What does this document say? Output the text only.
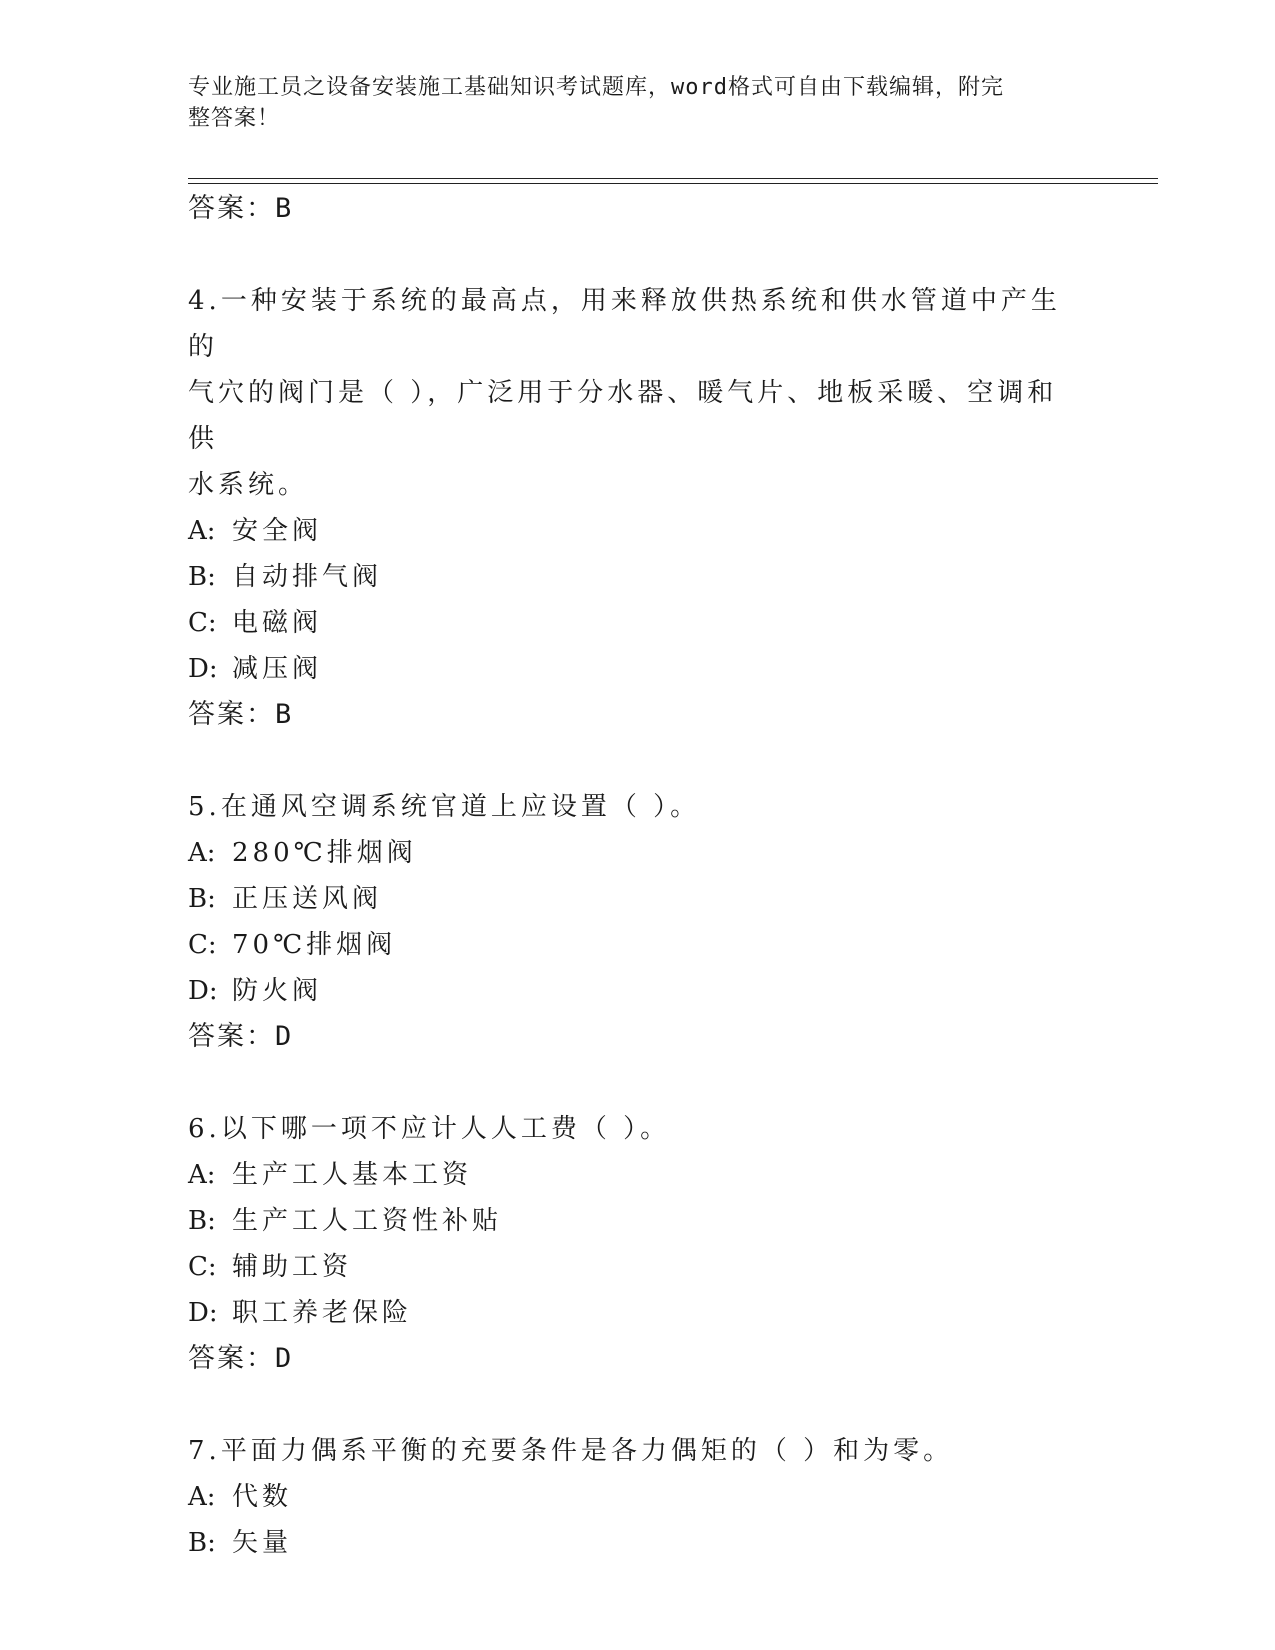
专业施工员之设备安装施工基础知识考试题库，word格式可自由下载编辑，附完
整答案！
答案：B
4.一种安装于系统的最高点，用来释放供热系统和供水管道中产生的
气穴的阀门是（ ），广泛用于分水器、暖气片、地板采暖、空调和供
水系统。
A: 安全阀
B: 自动排气阀
C: 电磁阀
D: 减压阀
答案：B
5.在通风空调系统官道上应设置（ ）。
A: 280℃排烟阀
B: 正压送风阀
C: 70℃排烟阀
D: 防火阀
答案：D
6.以下哪一项不应计人人工费（ ）。
A: 生产工人基本工资
B: 生产工人工资性补贴
C: 辅助工资
D: 职工养老保险
答案：D
7.平面力偶系平衡的充要条件是各力偶矩的（ ）和为零。
A: 代数
B: 矢量
